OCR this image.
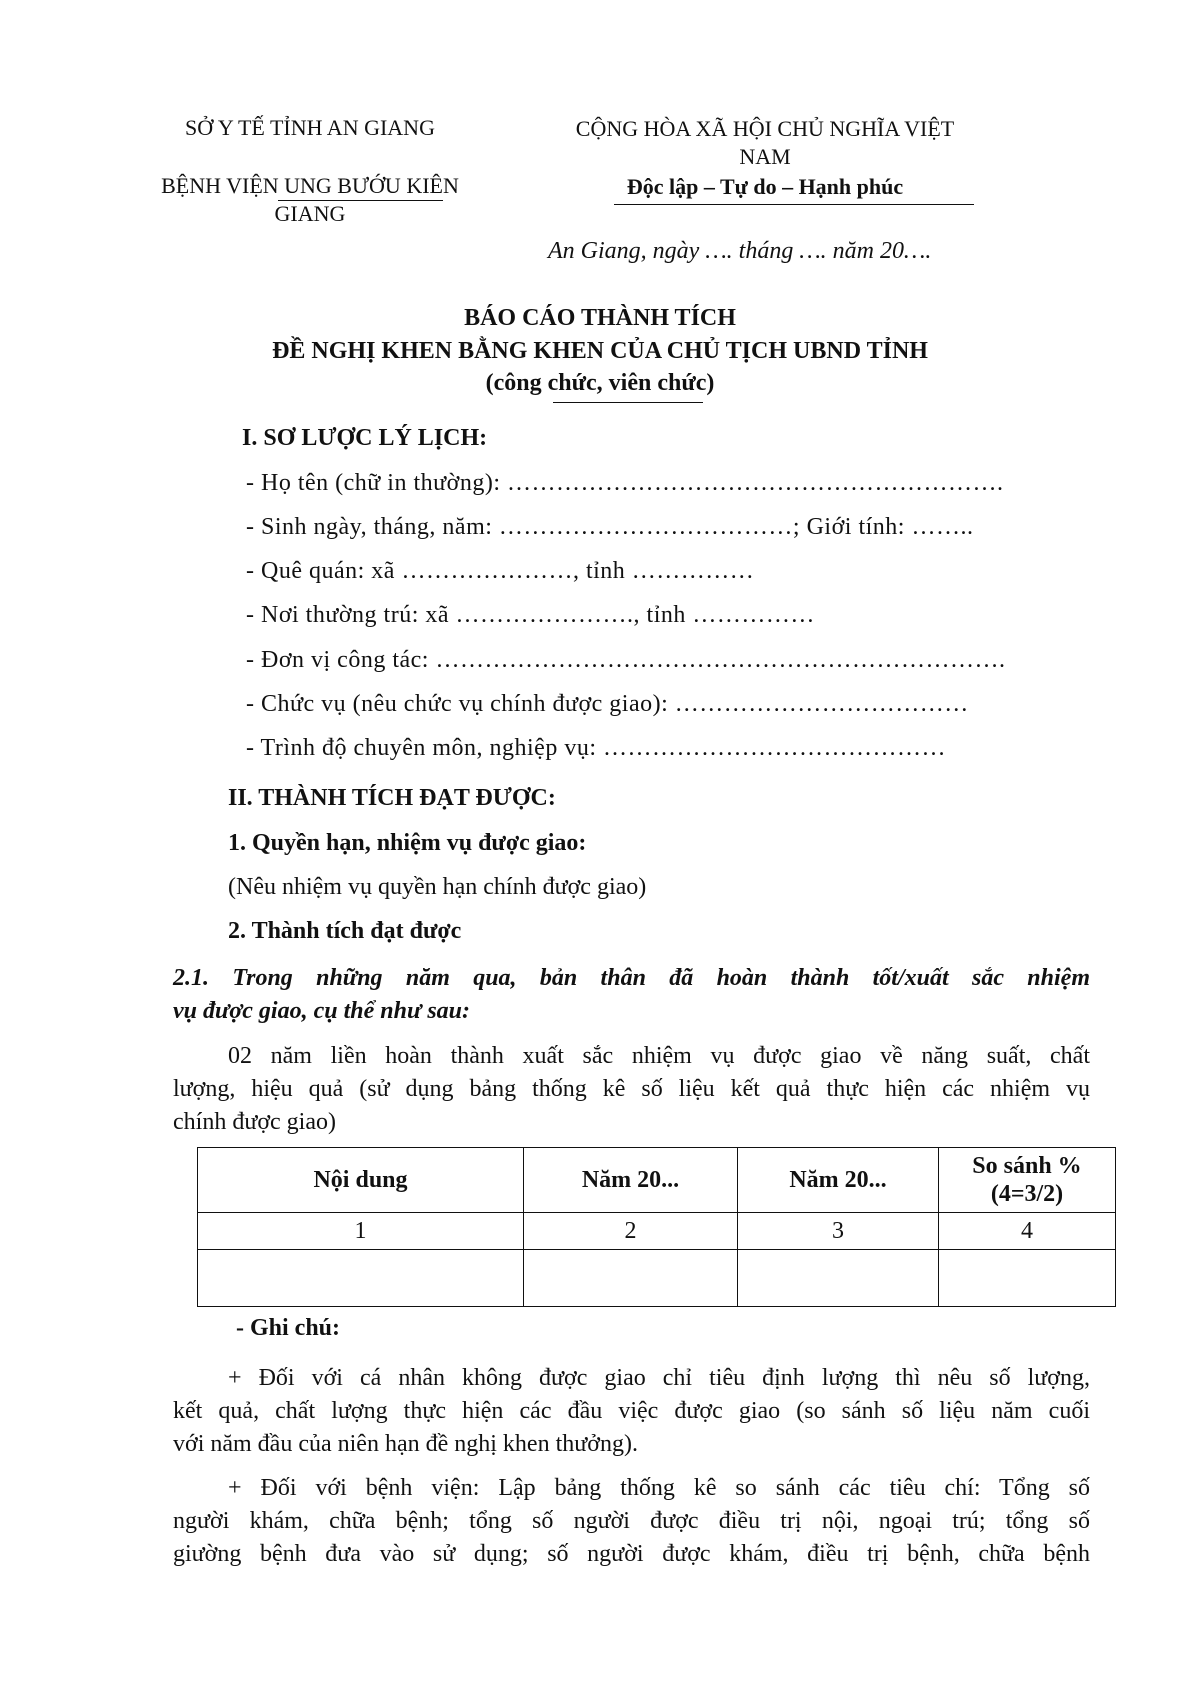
SỞ Y TẾ TỈNH AN GIANG
BỆNH VIỆN UNG BƯỚU KIÊN
GIANG
CỘNG HÒA XÃ HỘI CHỦ NGHĨA VIỆT
NAM
Độc lập – Tự do – Hạnh phúc
An Giang, ngày …. tháng …. năm 20….
BÁO CÁO THÀNH TÍCH
ĐỀ NGHỊ KHEN BẰNG KHEN CỦA CHỦ TỊCH UBND TỈNH
(công chức, viên chức)
I. SƠ LƯỢC LÝ LỊCH:
- Họ tên (chữ in thường): …………………………………………………….
- Sinh ngày, tháng, năm: ………………………………; Giới tính: ……..
- Quê quán: xã …………………, tỉnh ……………
- Nơi thường trú: xã …………………., tỉnh ……………
- Đơn vị công tác: …………………………………………………………….
- Chức vụ (nêu chức vụ chính được giao): ………………………………
- Trình độ chuyên môn, nghiệp vụ: ……………………………………
II. THÀNH TÍCH ĐẠT ĐƯỢC:
1. Quyền hạn, nhiệm vụ được giao:
(Nêu nhiệm vụ quyền hạn chính được giao)
2. Thành tích đạt được
2.1. Trong những năm qua, bản thân đã hoàn thành tốt/xuất sắc nhiệm
vụ được giao, cụ thể như sau:
02 năm liền hoàn thành xuất sắc nhiệm vụ được giao về năng suất, chất
lượng, hiệu quả (sử dụng bảng thống kê số liệu kết quả thực hiện các nhiệm vụ
chính được giao)
Nội dung	Năm 20...	Năm 20...	So sánh %
(4=3/2)
1	2	3	4

- Ghi chú:
+ Đối với cá nhân không được giao chỉ tiêu định lượng thì nêu số lượng,
kết quả, chất lượng thực hiện các đầu việc được giao (so sánh số liệu năm cuối
với năm đầu của niên hạn đề nghị khen thưởng).
+ Đối với bệnh viện: Lập bảng thống kê so sánh các tiêu chí: Tổng số
người khám, chữa bệnh; tổng số người được điều trị nội, ngoại trú; tổng số
giường bệnh đưa vào sử dụng; số người được khám, điều trị bệnh, chữa bệnh
